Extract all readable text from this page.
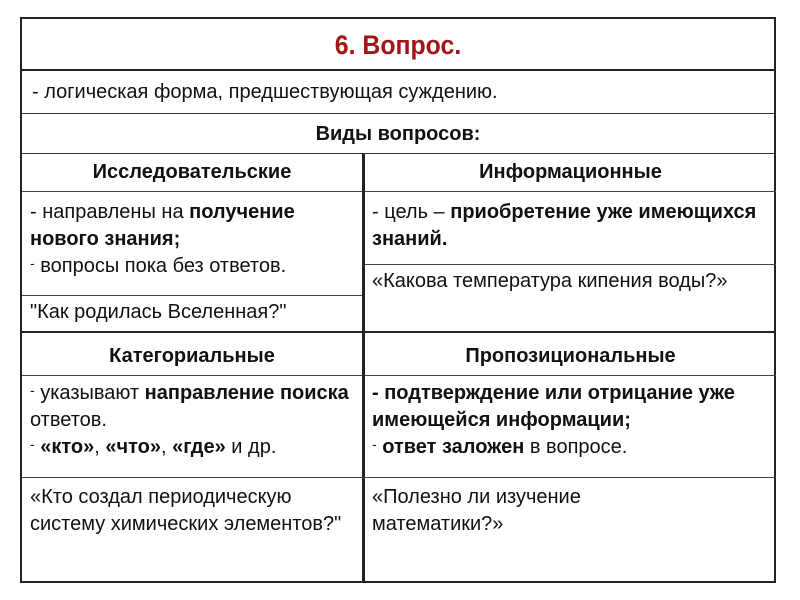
6. Вопрос.
- логическая форма, предшествующая суждению.
Виды вопросов:
Исследовательские
- направлены на получение нового знания;
- вопросы пока без ответов.
"Как родилась Вселенная?"
Информационные
- цель – приобретение уже имеющихся знаний.
«Какова температура кипения воды?»
Категориальные
- указывают направление поиска ответов.
- «кто», «что», «где» и др.
«Кто создал периодическую систему химических элементов?"
Пропозициональные
- подтверждение или отрицание уже имеющейся информации;
- ответ заложен в вопросе.
«Полезно ли изучение математики?»
